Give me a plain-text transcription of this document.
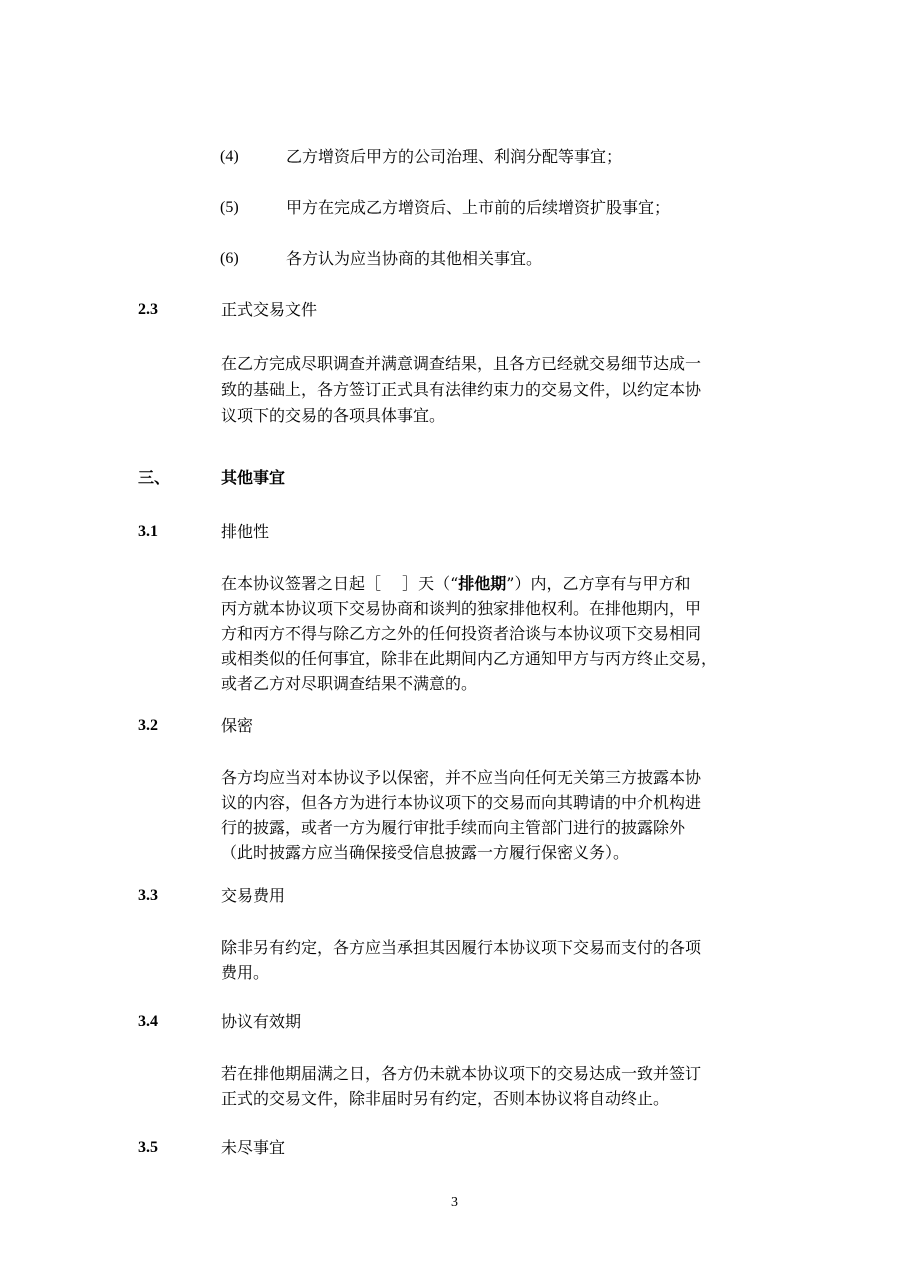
(4)	乙方增资后甲方的公司治理、利润分配等事宜；
(5)	甲方在完成乙方增资后、上市前的后续增资扩股事宜；
(6)	各方认为应当协商的其他相关事宜。
2.3	正式交易文件
在乙方完成尽职调查并满意调查结果，且各方已经就交易细节达成一
致的基础上，各方签订正式具有法律约束力的交易文件，以约定本协
议项下的交易的各项具体事宜。
三、	其他事宜
3.1	排他性
在本协议签署之日起［　 ］天（“排他期”）内，乙方享有与甲方和
丙方就本协议项下交易协商和谈判的独家排他权利。在排他期内，甲
方和丙方不得与除乙方之外的任何投资者洽谈与本协议项下交易相同
或相类似的任何事宜，除非在此期间内乙方通知甲方与丙方终止交易，
或者乙方对尽职调查结果不满意的。
3.2	保密
各方均应当对本协议予以保密，并不应当向任何无关第三方披露本协
议的内容，但各方为进行本协议项下的交易而向其聘请的中介机构进
行的披露，或者一方为履行审批手续而向主管部门进行的披露除外
（此时披露方应当确保接受信息披露一方履行保密义务）。
3.3	交易费用
除非另有约定，各方应当承担其因履行本协议项下交易而支付的各项
费用。
3.4	协议有效期
若在排他期届满之日，各方仍未就本协议项下的交易达成一致并签订
正式的交易文件，除非届时另有约定，否则本协议将自动终止。
3.5	未尽事宜
3
